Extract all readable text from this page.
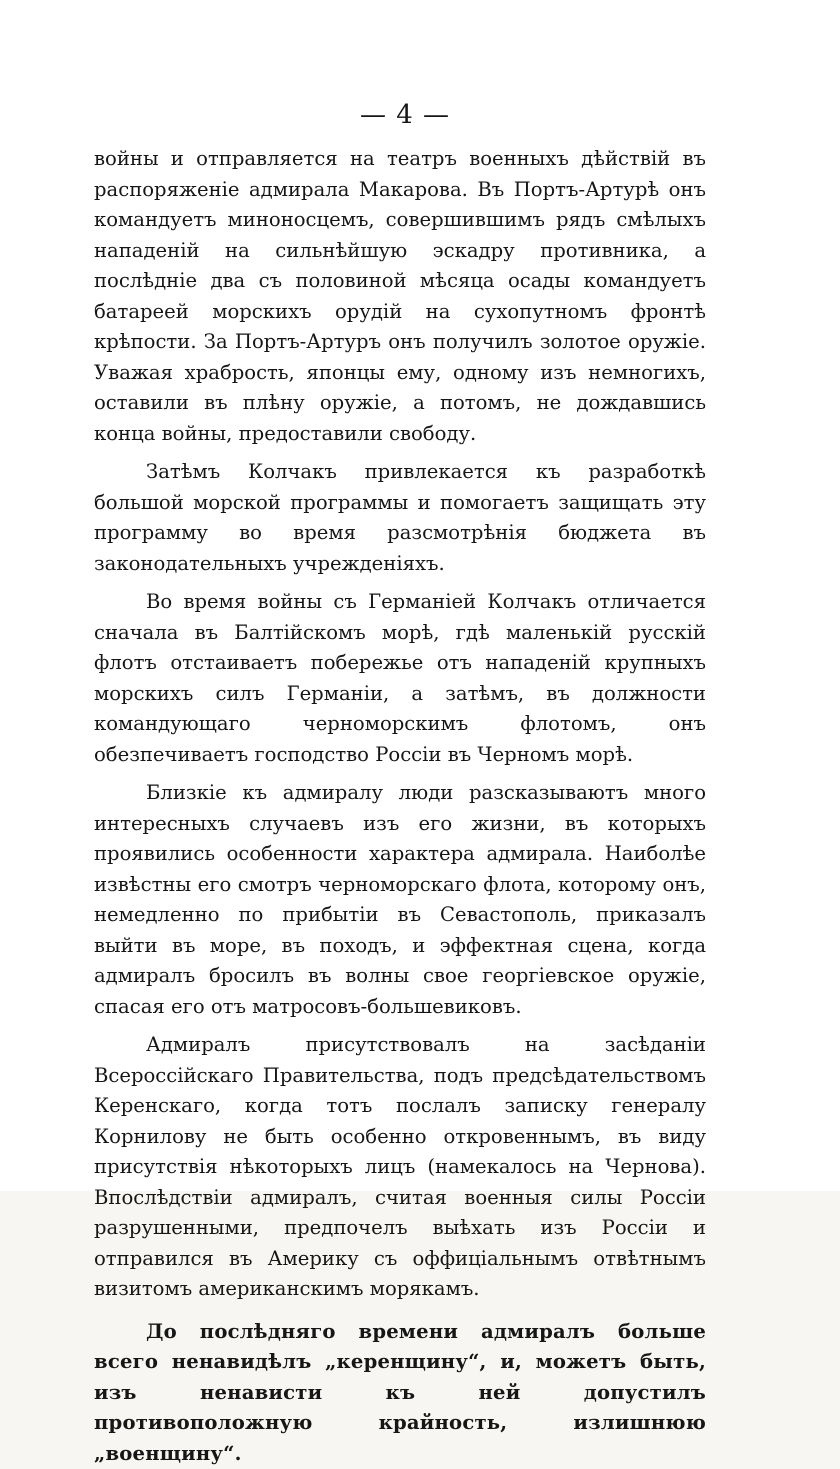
— 4 —

войны и отправляется на театръ военныхъ дѣйствій въ распоряженіе адмирала Макарова. Въ Портъ-Артурѣ онъ командуетъ миноносцемъ, совершившимъ рядъ смѣлыхъ нападеній на сильнѣйшую эскадру противника, а послѣдніе два съ половиной мѣсяца осады командуетъ батареей морскихъ орудій на сухопутномъ фронтѣ крѣпости. За Портъ-Артуръ онъ получилъ золотое оружіе. Уважая храбрость, японцы ему, одному изъ немногихъ, оставили въ плѣну оружіе, а потомъ, не дождавшись конца войны, предоставили свободу.

Затѣмъ Колчакъ привлекается къ разработкѣ большой морской программы и помогаетъ защищать эту программу во время разсмотрѣнія бюджета въ законодательныхъ учрежденіяхъ.

Во время войны съ Германіей Колчакъ отличается сначала въ Балтійскомъ морѣ, гдѣ маленькій русскій флотъ отстаиваетъ побережье отъ нападеній крупныхъ морскихъ силъ Германіи, а затѣмъ, въ должности командующаго черноморскимъ флотомъ, онъ обезпечиваетъ господство Россіи въ Черномъ морѣ.

Близкіе къ адмиралу люди разсказываютъ много интересныхъ случаевъ изъ его жизни, въ которыхъ проявились особенности характера адмирала. Наиболѣе извѣстны его смотръ черноморскаго флота, которому онъ, немедленно по прибытіи въ Севастополь, приказалъ выйти въ море, въ походъ, и эффектная сцена, когда адмиралъ бросилъ въ волны свое георгіевское оружіе, спасая его отъ матросовъ-большевиковъ.

Адмиралъ присутствовалъ на засѣданіи Всероссійскаго Правительства, подъ предсѣдательствомъ Керенскаго, когда тотъ послалъ записку генералу Корнилову не быть особенно откровеннымъ, въ виду присутствія нѣкоторыхъ лицъ (намекалось на Чернова). Впослѣдствіи адмиралъ, считая военныя силы Россіи разрушенными, предпочелъ выѣхать изъ Россіи и отправился въ Америку съ оффиціальнымъ отвѣтнымъ визитомъ американскимъ морякамъ.

До послѣдняго времени адмиралъ больше всего ненавидѣлъ „керенщину“, и, можетъ быть, изъ ненависти къ ней допустилъ противоположную крайность, излишнюю „военщину“.
